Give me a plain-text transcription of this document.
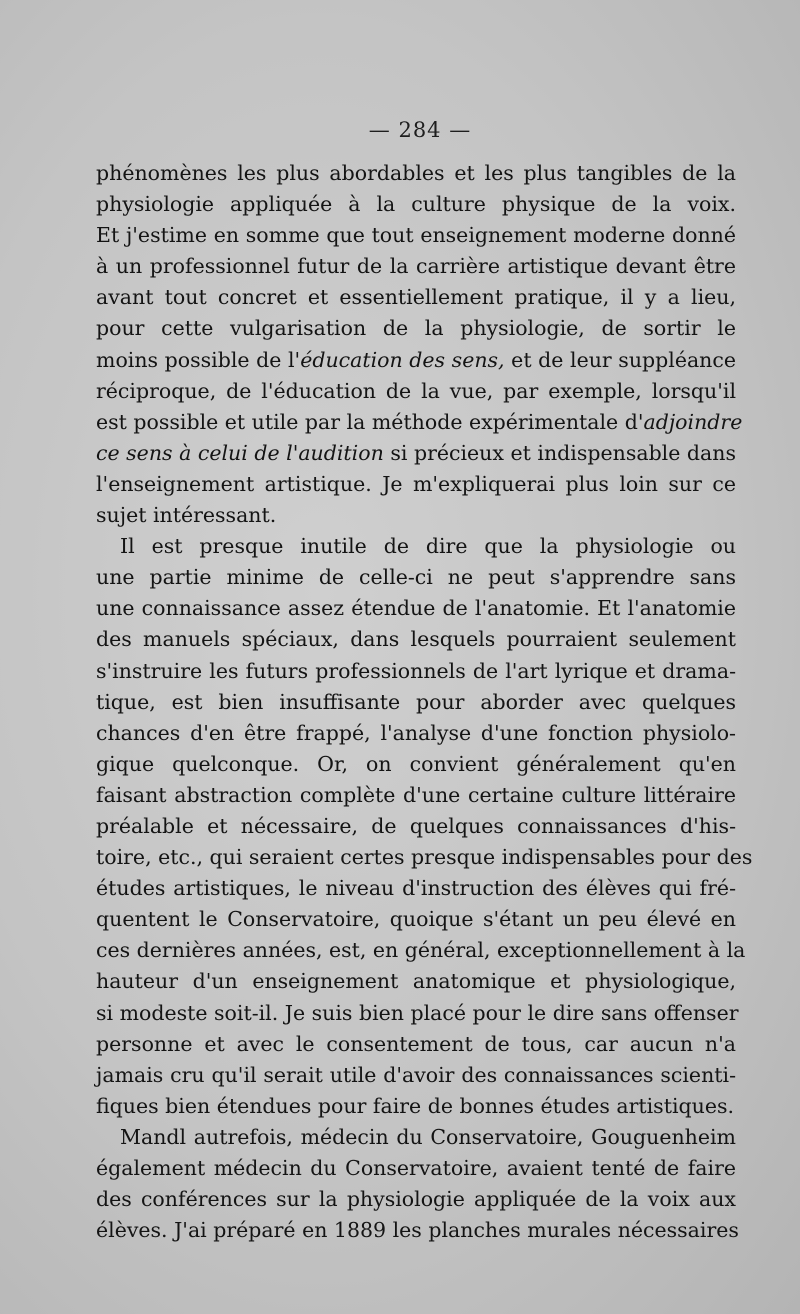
— 284 —
phénomènes les plus abordables et les plus tangibles de la
physiologie appliquée à la culture physique de la voix.
Et j'estime en somme que tout enseignement moderne donné
à un professionnel futur de la carrière artistique devant être
avant tout concret et essentiellement pratique, il y a lieu,
pour cette vulgarisation de la physiologie, de sortir le
moins possible de l'éducation des sens, et de leur suppléance
réciproque, de l'éducation de la vue, par exemple, lorsqu'il
est possible et utile par la méthode expérimentale d'adjoindre
ce sens à celui de l'audition si précieux et indispensable dans
l'enseignement artistique. Je m'expliquerai plus loin sur ce
sujet intéressant.
Il est presque inutile de dire que la physiologie ou
une partie minime de celle-ci ne peut s'apprendre sans
une connaissance assez étendue de l'anatomie. Et l'anatomie
des manuels spéciaux, dans lesquels pourraient seulement
s'instruire les futurs professionnels de l'art lyrique et drama-
tique, est bien insuffisante pour aborder avec quelques
chances d'en être frappé, l'analyse d'une fonction physiolo-
gique quelconque. Or, on convient généralement qu'en
faisant abstraction complète d'une certaine culture littéraire
préalable et nécessaire, de quelques connaissances d'his-
toire, etc., qui seraient certes presque indispensables pour des
études artistiques, le niveau d'instruction des élèves qui fré-
quentent le Conservatoire, quoique s'étant un peu élevé en
ces dernières années, est, en général, exceptionnellement à la
hauteur d'un enseignement anatomique et physiologique,
si modeste soit-il. Je suis bien placé pour le dire sans offenser
personne et avec le consentement de tous, car aucun n'a
jamais cru qu'il serait utile d'avoir des connaissances scienti-
fiques bien étendues pour faire de bonnes études artistiques.
Mandl autrefois, médecin du Conservatoire, Gouguenheim
également médecin du Conservatoire, avaient tenté de faire
des conférences sur la physiologie appliquée de la voix aux
élèves. J'ai préparé en 1889 les planches murales nécessaires
